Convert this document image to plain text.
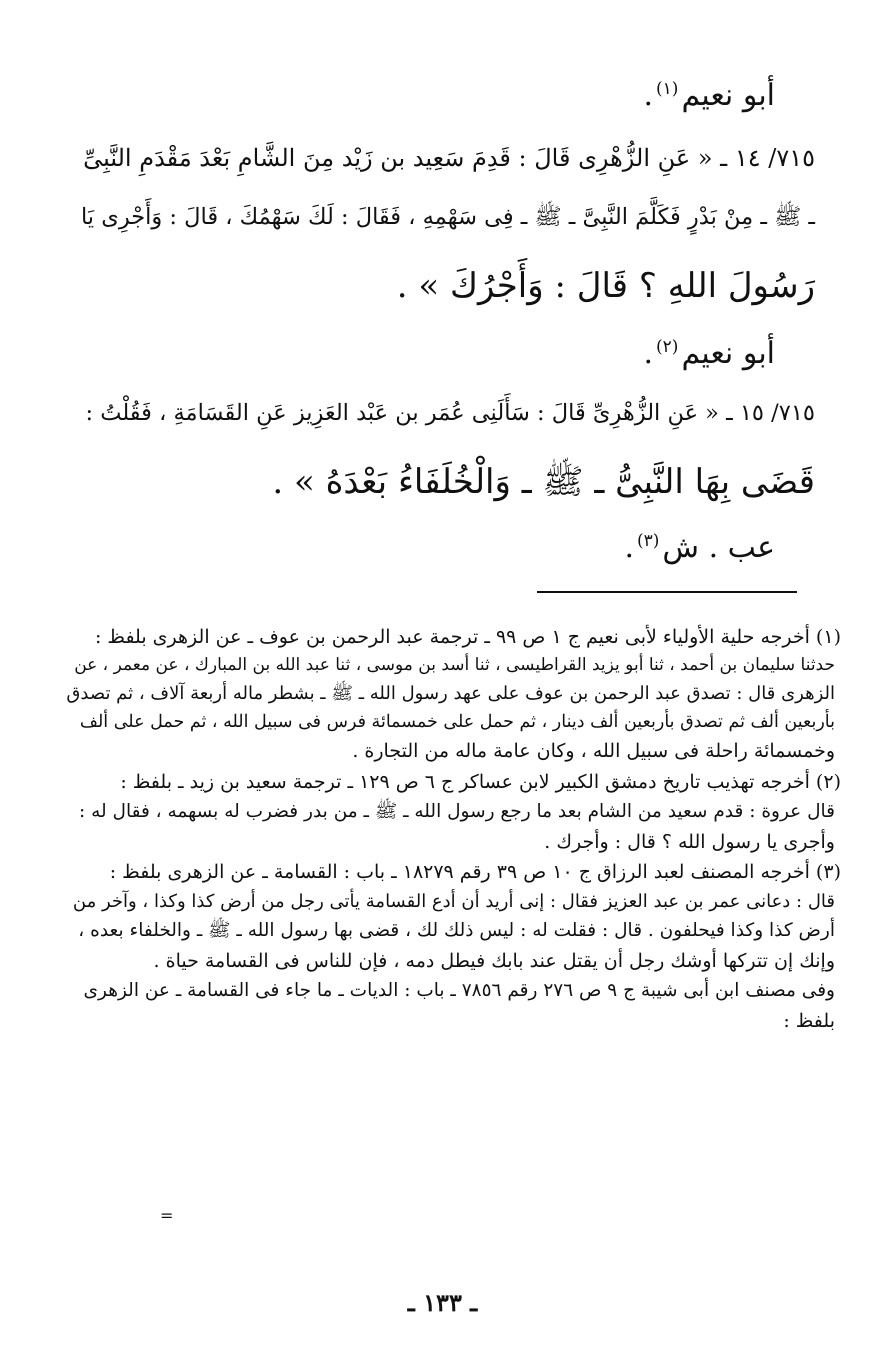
أبو نعيم$^{(١)}$.
٧١٥/ ١٤ ـ « عَنِ الزُّهْرِى قَالَ : قَدِمَ سَعِيد بن زَيْد مِنَ الشَّامِ بَعْدَ مَقْدَمِ النَّبِىِّ
ـ ﷺ ـ مِنْ بَدْرٍ فَكَلَّمَ النَّبِىَّ ـ ﷺ ـ فِى سَهْمِهِ ، فَقَالَ : لَكَ سَهْمُكَ ، قَالَ : وَأَجْرِى يَا
رَسُولَ اللهِ ؟ قَالَ : وَأَجْرُكَ » .
أبو نعيم$^{(٢)}$.
٧١٥/ ١٥ ـ « عَنِ الزُّهْرِىِّ قَالَ : سَأَلَنِى عُمَر بن عَبْد العَزِيز عَنِ القَسَامَةِ ، فَقُلْتُ :
قَضَى بِهَا النَّبِىُّ ـ ﷺ ـ وَالْخُلَفَاءُ بَعْدَهُ » .
عب . ش$^{(٣)}$.
(١) أخرجه حلية الأولياء لأبى نعيم ج ١ ص ٩٩ ـ ترجمة عبد الرحمن بن عوف ـ عن الزهرى بلفظ :
حدثنا سليمان بن أحمد ، ثنا أبو يزيد القراطيسى ، ثنا أسد بن موسى ، ثنا عبد الله بن المبارك ، عن معمر ، عن
الزهرى قال : تصدق عبد الرحمن بن عوف على عهد رسول الله ـ ﷺ ـ بشطر ماله أربعة آلاف ، ثم تصدق
بأربعين ألف ثم تصدق بأربعين ألف دينار ، ثم حمل على خمسمائة فرس فى سبيل الله ، ثم حمل على ألف
وخمسمائة راحلة فى سبيل الله ، وكان عامة ماله من التجارة .
(٢) أخرجه تهذيب تاريخ دمشق الكبير لابن عساكر ج ٦ ص ١٢٩ ـ ترجمة سعيد بن زيد ـ بلفظ :
قال عروة : قدم سعيد من الشام بعد ما رجع رسول الله ـ ﷺ ـ من بدر فضرب له بسهمه ، فقال له :
وأجرى يا رسول الله ؟ قال : وأجرك .
(٣) أخرجه المصنف لعبد الرزاق ج ١٠ ص ٣٩ رقم ١٨٢٧٩ ـ باب : القسامة ـ عن الزهرى بلفظ :
قال : دعانى عمر بن عبد العزيز فقال : إنى أريد أن أدع القسامة يأتى رجل من أرض كذا وكذا ، وآخر من
أرض كذا وكذا فيحلفون . قال : فقلت له : ليس ذلك لك ، قضى بها رسول الله ـ ﷺ ـ والخلفاء بعده ،
وإنك إن تتركها أوشك رجل أن يقتل عند بابك فيطل دمه ، فإن للناس فى القسامة حياة .
وفى مصنف ابن أبى شيبة ج ٩ ص ٢٧٦ رقم ٧٨٥٦ ـ باب : الديات ـ ما جاء فى القسامة ـ عن الزهرى
بلفظ :
=
ـ ١٣٣ ـ
